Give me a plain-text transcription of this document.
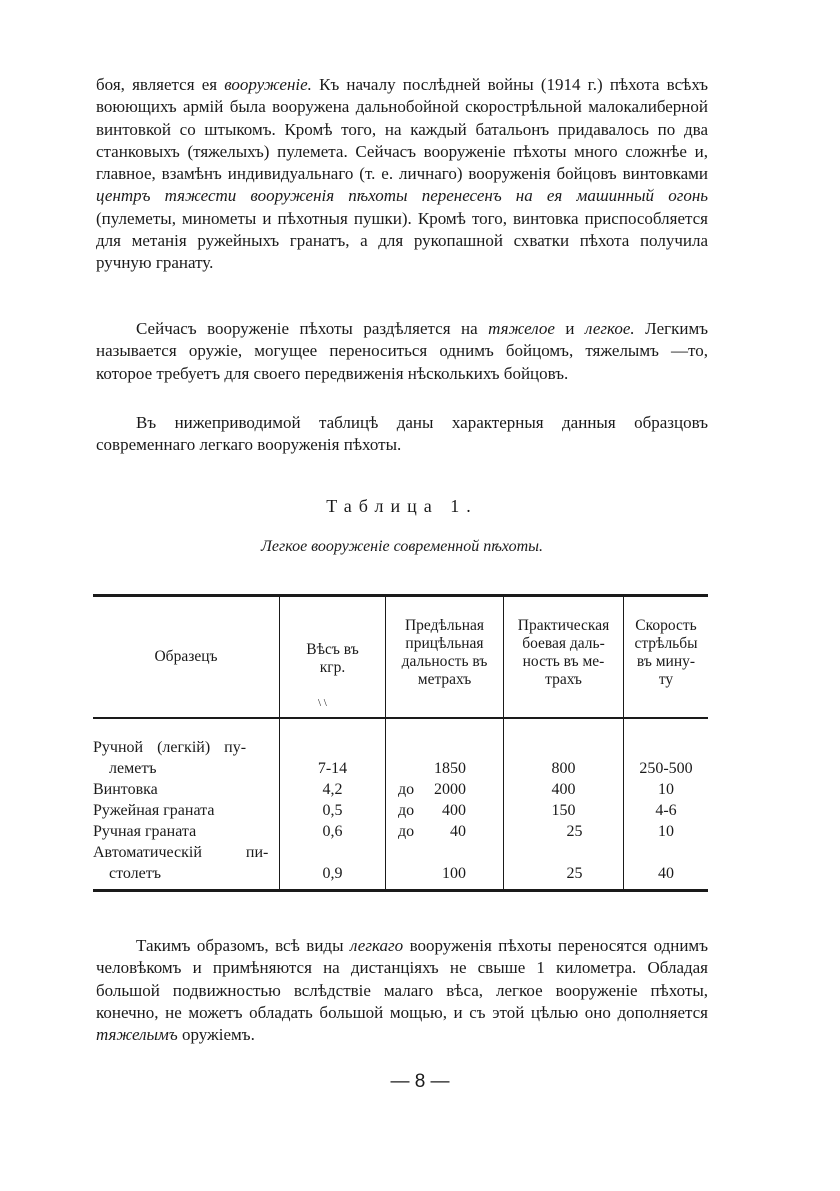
боя, является ея вооруженіе. Къ началу послѣдней войны (1914 г.) пѣхота всѣхъ воюющихъ армій была вооружена дальнобойной скорострѣльной малокалиберной винтовкой со штыкомъ. Кромѣ того, на каждый батальонъ придавалось по два станковыхъ (тяжелыхъ) пулемета. Сейчасъ вооруженіе пѣхоты много сложнѣе и, главное, взамѣнъ индивидуальнаго (т. е. личнаго) вооруженія бойцовъ винтовками центръ тяжести вооруженія пѣхоты перенесенъ на ея машинный огонь (пулеметы, минометы и пѣхотныя пушки). Кромѣ того, винтовка приспособляется для метанія ружейныхъ гранатъ, а для рукопашной схватки пѣхота получила ручную гранату.

Сейчасъ вооруженіе пѣхоты раздѣляется на тяжелое и легкое. Легкимъ называется оружіе, могущее переноситься однимъ бойцомъ, тяжелымъ —то, которое требуетъ для своего передвиженія нѣсколькихъ бойцовъ.

Въ нижеприводимой таблицѣ даны характерныя данныя образцовъ современнаго легкаго вооруженія пѣхоты.

Таблица 1.
Легкое вооруженіе современной пѣхоты.
Образецъ	Вѣсъ въ
кгр.
\ \
Предѣльная
прицѣльная
дальность въ
метрахъ
Практическая
боевая даль-
ность въ ме-
трахъ
Скорость
стрѣльбы
въ мину-
ту
Ручной (легкій) пу-
леметъ
Винтовка
Ружейная граната
Ручная граната
Автоматическій пи-
столетъ
7-14
4,2
0,5
0,6
0,9
1850
до 2000
до 400
до 40
100
800
400
150
25
25
250-500
10
4-6
10
40

Такимъ образомъ, всѣ виды легкаго вооруженія пѣхоты переносятся однимъ человѣкомъ и примѣняются на дистанціяхъ не свыше 1 километра. Обладая большой подвижностью вслѣдствіе малаго вѣса, легкое вооруженіе пѣхоты, конечно, не можетъ обладать большой мощью, и съ этой цѣлью оно дополняется тяжелымъ оружіемъ.

— 8 —
